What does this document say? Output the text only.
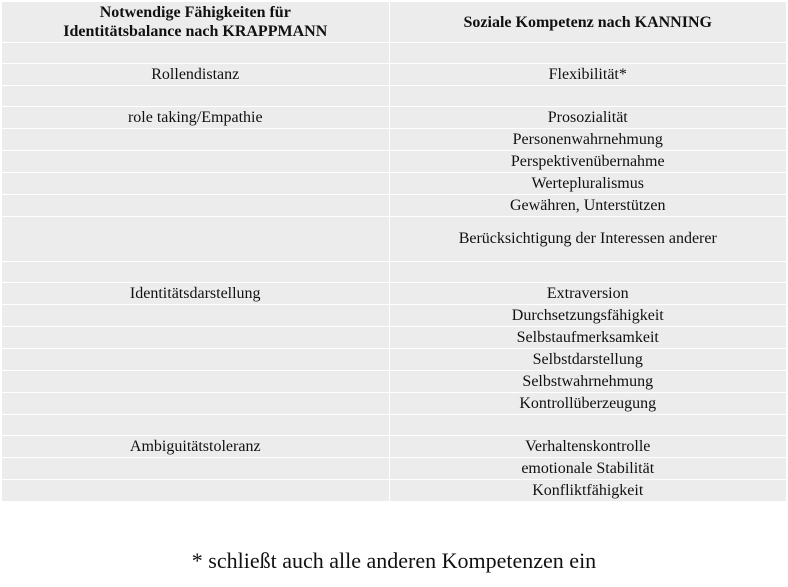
Notwendige Fähigkeiten für
Identitätsbalance nach KRAPPMANN	Soziale Kompetenz nach KANNING

Rollendistanz	Flexibilität*

role taking/Empathie	Prosozialität
	Personenwahrnehmung
	Perspektivenübernahme
	Wertepluralismus
	Gewähren, Unterstützen
	Berücksichtigung der Interessen anderer

Identitätsdarstellung	Extraversion
	Durchsetzungsfähigkeit
	Selbstaufmerksamkeit
	Selbstdarstellung
	Selbstwahrnehmung
	Kontrollüberzeugung

Ambiguitätstoleranz	Verhaltenskontrolle
	emotionale Stabilität
	Konfliktfähigkeit
* schließt auch alle anderen Kompetenzen ein
